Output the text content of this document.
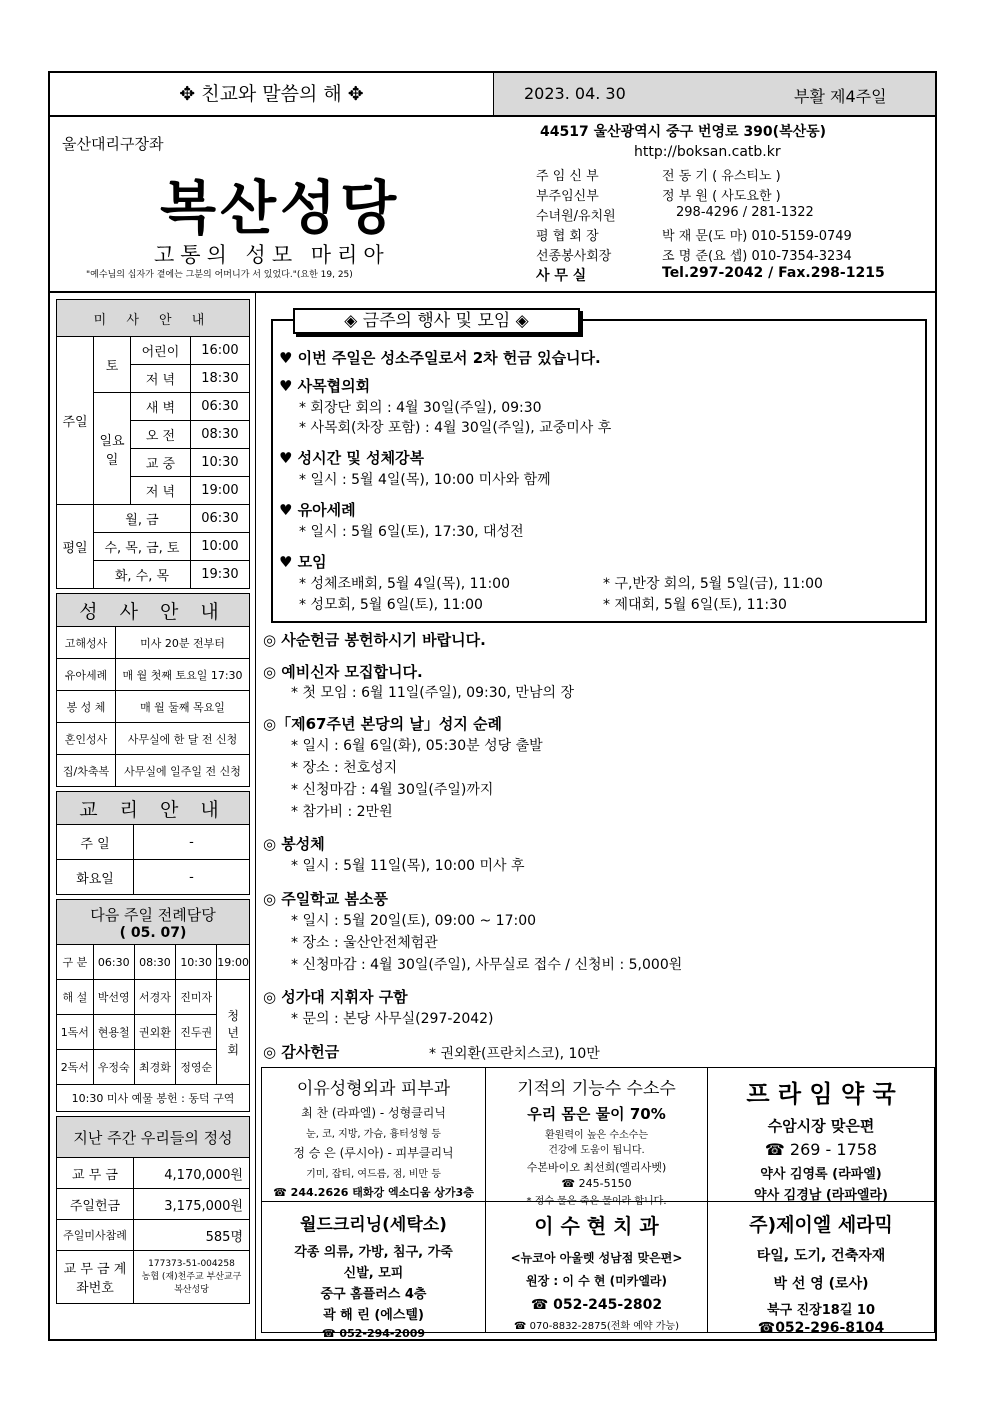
✥ 친교와 말씀의 해 ✥	2023. 04. 30	부활 제4주일
울산대리구장좌
복산성당
고통의 성모 마리아
"예수님의 십자가 곁에는 그분의 어머니가 서 있었다."(요한 19, 25)
44517 울산광역시 중구 번영로 390(복산동)
http://boksan.catb.kr
주 임 신 부	전 동 기 ( 유스티노 )
부주임신부	정 부 원 ( 사도요한 )
수녀원/유치원	298-4296 / 281-1322
평 협 회 장	박 재 문(도 마) 010-5159-0749
선종봉사회장	조 명 준(요 셉) 010-7354-3234
사 무 실	Tel.297-2042 / Fax.298-1215
미 사 안 내			
주일	토	어린이	16:00
		저 녁	18:30
	일요일	새 벽	06:30
		오 전	08:30
		교 중	10:30
		저 녁	19:00
평일	월, 금		06:30
	수, 목, 금, 토		10:00
	화, 수, 목		19:30
성 사 안 내	
고해성사	미사 20분 전부터
유아세례	매 월 첫째 토요일 17:30
봉 성 체	매 월 둘째 목요일
혼인성사	사무실에 한 달 전 신청
집/차축복	사무실에 일주일 전 신청
교 리 안 내	
주 일	-
화요일	-
다음 주일 전례담당
( 05. 07)				

구 분	06:30	08:30	10:30	19:00
해 설	박선영	서경자	진미자	청년회

1독서	현용철	권외환	진두권	
2독서	우정숙	최경화	정영순	
10:30 미사 예물 봉헌 : 동덕 구역				
지난 주간 우리들의 정성	
교 무 금	4,170,000원
주일헌금	3,175,000원
주일미사참례	585명
교 무 금 계좌번호	177373-51-004258
농협 (재)천주교 부산교구
복산성당
◈ 금주의 행사 및 모임 ◈
♥ 이번 주일은 성소주일로서 2차 헌금 있습니다.
♥ 사목협의회
* 회장단 회의 : 4월 30일(주일), 09:30
* 사목회(차장 포함) : 4월 30일(주일), 교중미사 후
♥ 성시간 및 성체강복
* 일시 : 5월 4일(목), 10:00 미사와 함께
♥ 유아세례
* 일시 : 5월 6일(토), 17:30, 대성전
♥ 모임
* 성체조배회, 5월 4일(목), 11:00	* 구,반장 회의, 5월 5일(금), 11:00
* 성모회, 5월 6일(토), 11:00	* 제대회, 5월 6일(토), 11:30
◎ 사순헌금 봉헌하시기 바랍니다.
◎ 예비신자 모집합니다.
* 첫 모임 : 6월 11일(주일), 09:30, 만남의 장
◎「제67주년 본당의 날」성지 순례
* 일시 : 6월 6일(화), 05:30분 성당 출발
* 장소 : 천호성지
* 신청마감 : 4월 30일(주일)까지
* 참가비 : 2만원
◎ 봉성체
* 일시 : 5월 11일(목), 10:00 미사 후
◎ 주일학교 봄소풍
* 일시 : 5월 20일(토), 09:00 ~ 17:00
* 장소 : 울산안전체험관
* 신청마감 : 4월 30일(주일), 사무실로 접수 / 신청비 : 5,000원
◎ 성가대 지휘자 구함
* 문의 : 본당 사무실(297-2042)
◎ 감사헌금	* 권외환(프란치스코), 10만
이유성형외과 피부과
최 찬 (라파엘) - 성형클리닉
눈, 코, 지방, 가슴, 흉터성형 등
정 승 은 (루시아) - 피부클리닉
기미, 잡티, 여드름, 점, 비만 등
☎ 244.2626 태화강 엑소디움 상가3층
기적의 기능수 수소수
우리 몸은 물이 70%
환원력이 높은 수소수는
건강에 도움이 됩니다.
수본바이오 최선희(엘리사벳)
☎ 245-5150
* 정수 물은 죽은 물이라 합니다.
프 라 임 약 국
수암시장 맞은편
☎ 269 - 1758
약사 김영록 (라파엘)
약사 김경남 (라파엘라)
월드크리닝(세탁소)
각종 의류, 가방, 침구, 가죽
신발, 모피
중구 홈플러스 4층
곽 해 린 (에스텔)
☎ 052-294-2009
이 수 현 치 과
<뉴코아 아울렛 성남점 맞은편>
원장 : 이 수 현 (미카엘라)
☎ 052-245-2802
☎ 070-8832-2875(전화 예약 가능)
주)제이엘 세라믹
타일, 도기, 건축자재
박 선 영 (로사)
북구 진장18길 10
☎052-296-8104
